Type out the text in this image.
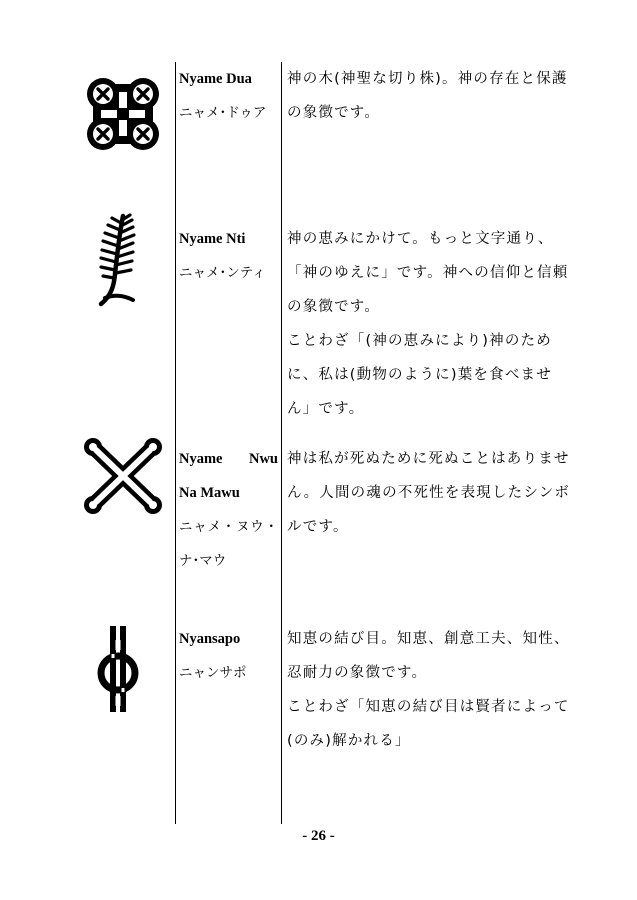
Nyame Dua
ニャメ･ドゥア

神の木(神聖な切り株)。神の存在と保護の象徴です。

Nyame Nti
ニャメ･ンティ

神の恵みにかけて。もっと文字通り、「神のゆえに」です。神への信仰と信頼の象徴です。

ことわざ「(神の恵みにより)神のために、私は(動物のように)葉を食べません」です。

Nyame Nwu
Na Mawu
ニャメ・ヌウ・
ナ･マウ

神は私が死ぬために死ぬことはありません。人間の魂の不死性を表現したシンボルです。

Nyansapo
ニャンサポ

知恵の結び目。知恵、創意工夫、知性、忍耐力の象徴です。

ことわざ「知恵の結び目は賢者によって(のみ)解かれる」

- 26 -
